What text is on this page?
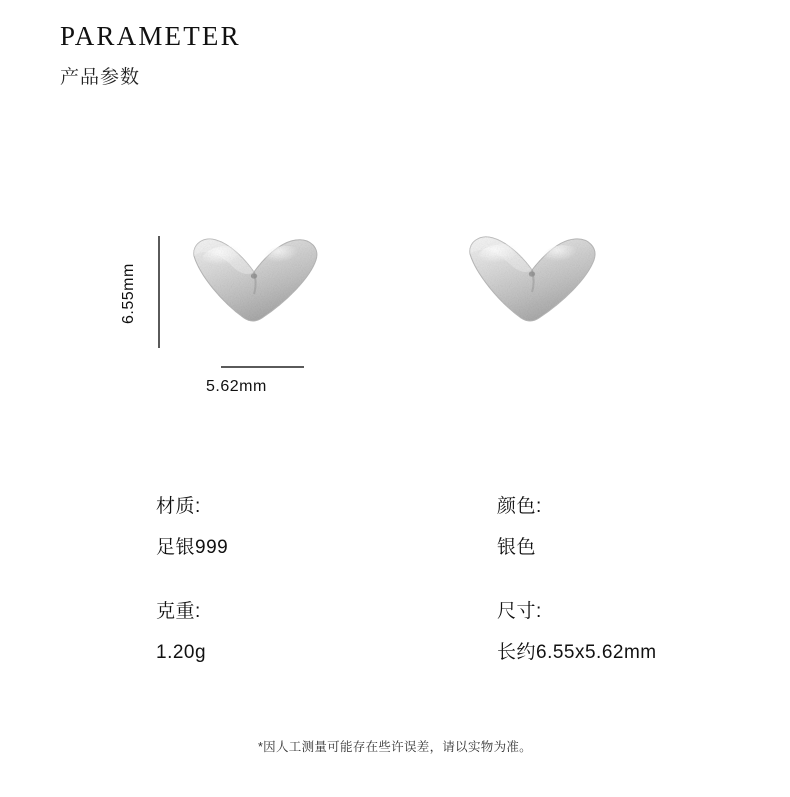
PARAMETER
产品参数
6.55mm
5.62mm
材质:
足银999
颜色:
银色
克重:
1.20g
尺寸:
长约6.55x5.62mm
*因人工测量可能存在些许误差，请以实物为准。
